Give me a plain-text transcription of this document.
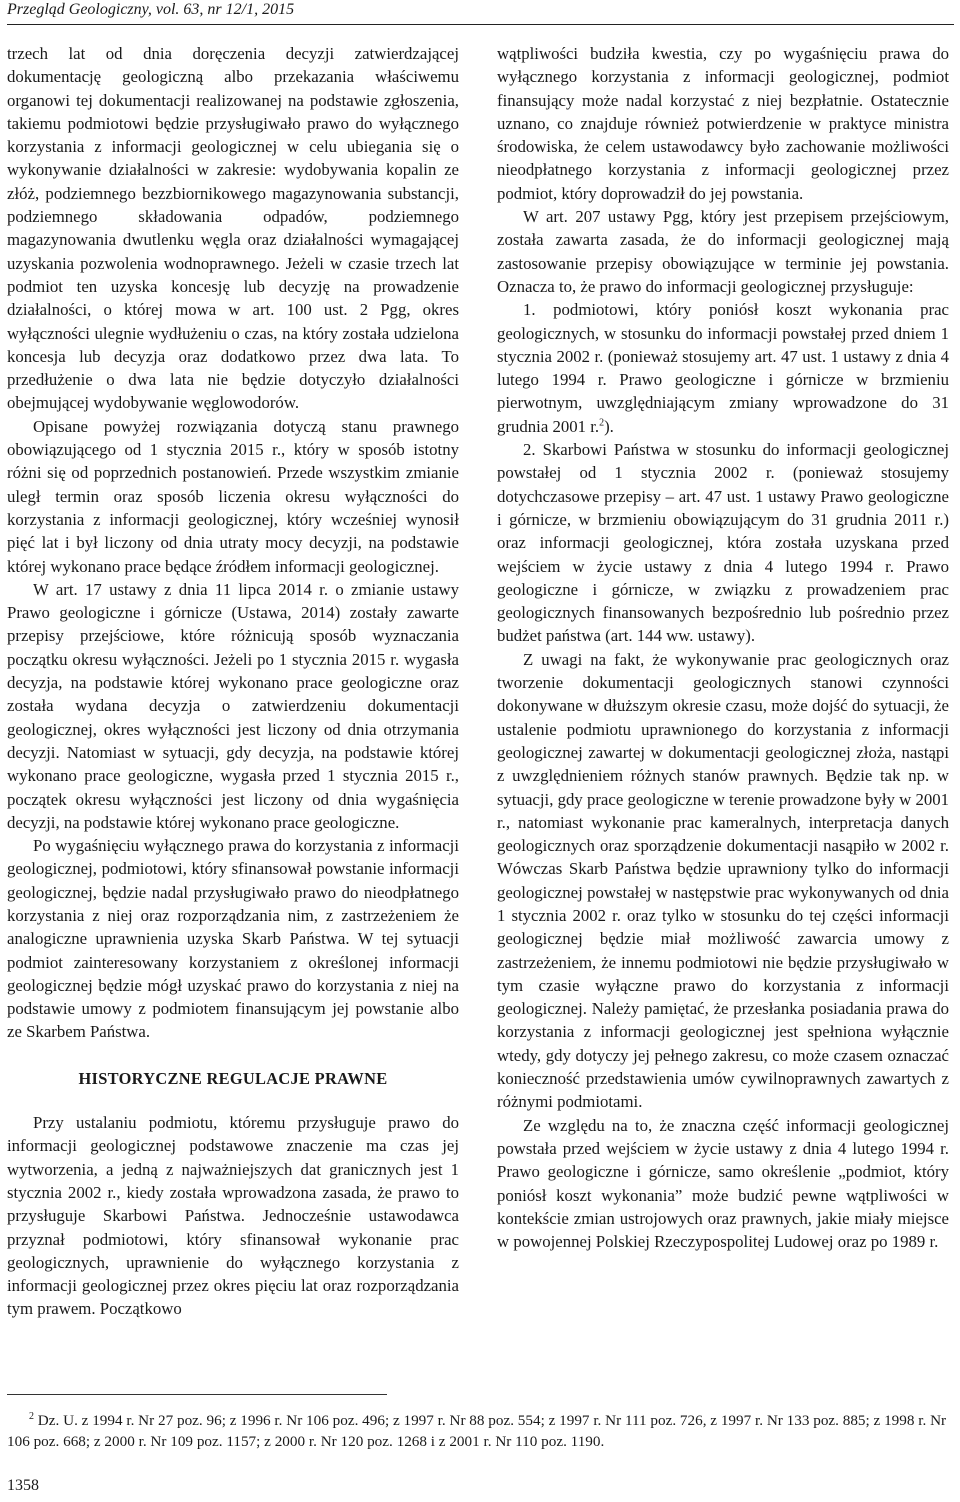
Przegląd Geologiczny, vol. 63, nr 12/1, 2015

trzech lat od dnia doręczenia decyzji zatwierdzającej dokumentację geologiczną albo przekazania właściwemu organowi tej dokumentacji realizowanej na podstawie zgłoszenia, takiemu podmiotowi będzie przysługiwało prawo do wyłącznego korzystania z informacji geologicznej w celu ubiegania się o wykonywanie działalności w zakresie: wydobywania kopalin ze złóż, podziemnego bezzbiornikowego magazynowania substancji, podziemnego składowania odpadów, podziemnego magazynowania dwutlenku węgla oraz działalności wymagającej uzyskania pozwolenia wodnoprawnego. Jeżeli w czasie trzech lat podmiot ten uzyska koncesję lub decyzję na prowadzenie działalności, o której mowa w art. 100 ust. 2 Pgg, okres wyłączności ulegnie wydłużeniu o czas, na który została udzielona koncesja lub decyzja oraz dodatkowo przez dwa lata. To przedłużenie o dwa lata nie będzie dotyczyło działalności obejmującej wydobywanie węglowodorów.

Opisane powyżej rozwiązania dotyczą stanu prawnego obowiązującego od 1 stycznia 2015 r., który w sposób istotny różni się od poprzednich postanowień. Przede wszystkim zmianie uległ termin oraz sposób liczenia okresu wyłączności do korzystania z informacji geologicznej, który wcześniej wynosił pięć lat i był liczony od dnia utraty mocy decyzji, na podstawie której wykonano prace będące źródłem informacji geologicznej.

W art. 17 ustawy z dnia 11 lipca 2014 r. o zmianie ustawy Prawo geologiczne i górnicze (Ustawa, 2014) zostały zawarte przepisy przejściowe, które różnicują sposób wyznaczania początku okresu wyłączności. Jeżeli po 1 stycznia 2015 r. wygasła decyzja, na podstawie której wykonano prace geologiczne oraz została wydana decyzja o zatwierdzeniu dokumentacji geologicznej, okres wyłączności jest liczony od dnia otrzymania decyzji. Natomiast w sytuacji, gdy decyzja, na podstawie której wykonano prace geologiczne, wygasła przed 1 stycznia 2015 r., początek okresu wyłączności jest liczony od dnia wygaśnięcia decyzji, na podstawie której wykonano prace geologiczne.

Po wygaśnięciu wyłącznego prawa do korzystania z informacji geologicznej, podmiotowi, który sfinansował powstanie informacji geologicznej, będzie nadal przysługiwało prawo do nieodpłatnego korzystania z niej oraz rozporządzania nim, z zastrzeżeniem że analogiczne uprawnienia uzyska Skarb Państwa. W tej sytuacji podmiot zainteresowany korzystaniem z określonej informacji geologicznej będzie mógł uzyskać prawo do korzystania z niej na podstawie umowy z podmiotem finansującym jej powstanie albo ze Skarbem Państwa.

HISTORYCZNE REGULACJE PRAWNE

Przy ustalaniu podmiotu, któremu przysługuje prawo do informacji geologicznej podstawowe znaczenie ma czas jej wytworzenia, a jedną z najważniejszych dat granicznych jest 1 stycznia 2002 r., kiedy została wprowadzona zasada, że prawo to przysługuje Skarbowi Państwa. Jednocześnie ustawodawca przyznał podmiotowi, który sfinansował wykonanie prac geologicznych, uprawnienie do wyłącznego korzystania z informacji geologicznej przez okres pięciu lat oraz rozporządzania tym prawem. Początkowo

wątpliwości budziła kwestia, czy po wygaśnięciu prawa do wyłącznego korzystania z informacji geologicznej, podmiot finansujący może nadal korzystać z niej bezpłatnie. Ostatecznie uznano, co znajduje również potwierdzenie w praktyce ministra środowiska, że celem ustawodawcy było zachowanie możliwości nieodpłatnego korzystania z informacji geologicznej przez podmiot, który doprowadził do jej powstania.

W art. 207 ustawy Pgg, który jest przepisem przejściowym, została zawarta zasada, że do informacji geologicznej mają zastosowanie przepisy obowiązujące w terminie jej powstania. Oznacza to, że prawo do informacji geologicznej przysługuje:

1. podmiotowi, który poniósł koszt wykonania prac geologicznych, w stosunku do informacji powstałej przed dniem 1 stycznia 2002 r. (ponieważ stosujemy art. 47 ust. 1 ustawy z dnia 4 lutego 1994 r. Prawo geologiczne i górnicze w brzmieniu pierwotnym, uwzględniającym zmiany wprowadzone do 31 grudnia 2001 r.$^2$).

2. Skarbowi Państwa w stosunku do informacji geologicznej powstałej od 1 stycznia 2002 r. (ponieważ stosujemy dotychczasowe przepisy – art. 47 ust. 1 ustawy Prawo geologiczne i górnicze, w brzmieniu obowiązującym do 31 grudnia 2011 r.) oraz informacji geologicznej, która została uzyskana przed wejściem w życie ustawy z dnia 4 lutego 1994 r. Prawo geologiczne i górnicze, w związku z prowadzeniem prac geologicznych finansowanych bezpośrednio lub pośrednio przez budżet państwa (art. 144 ww. ustawy).

Z uwagi na fakt, że wykonywanie prac geologicznych oraz tworzenie dokumentacji geologicznych stanowi czynności dokonywane w dłuższym okresie czasu, może dojść do sytuacji, że ustalenie podmiotu uprawnionego do korzystania z informacji geologicznej zawartej w dokumentacji geologicznej złoża, nastąpi z uwzględnieniem różnych stanów prawnych. Będzie tak np. w sytuacji, gdy prace geologiczne w terenie prowadzone były w 2001 r., natomiast wykonanie prac kameralnych, interpretacja danych geologicznych oraz sporządzenie dokumentacji nasąpiło w 2002 r. Wówczas Skarb Państwa będzie uprawniony tylko do informacji geologicznej powstałej w następstwie prac wykonywanych od dnia 1 stycznia 2002 r. oraz tylko w stosunku do tej części informacji geologicznej będzie miał możliwość zawarcia umowy z zastrzeżeniem, że innemu podmiotowi nie będzie przysługiwało w tym czasie wyłączne prawo do korzystania z informacji geologicznej. Należy pamiętać, że przesłanka posiadania prawa do korzystania z informacji geologicznej jest spełniona wyłącznie wtedy, gdy dotyczy jej pełnego zakresu, co może czasem oznaczać konieczność przedstawienia umów cywilnoprawnych zawartych z różnymi podmiotami.

Ze względu na to, że znaczna część informacji geologicznej powstała przed wejściem w życie ustawy z dnia 4 lutego 1994 r. Prawo geologiczne i górnicze, samo określenie „podmiot, który poniósł koszt wykonania” może budzić pewne wątpliwości w kontekście zmian ustrojowych oraz prawnych, jakie miały miejsce w powojennej Polskiej Rzeczypospolitej Ludowej oraz po 1989 r.

$^2$ Dz. U. z 1994 r. Nr 27 poz. 96; z 1996 r. Nr 106 poz. 496; z 1997 r. Nr 88 poz. 554; z 1997 r. Nr 111 poz. 726, z 1997 r. Nr 133 poz. 885; z 1998 r. Nr 106 poz. 668; z 2000 r. Nr 109 poz. 1157; z 2000 r. Nr 120 poz. 1268 i z 2001 r. Nr 110 poz. 1190.
1358
